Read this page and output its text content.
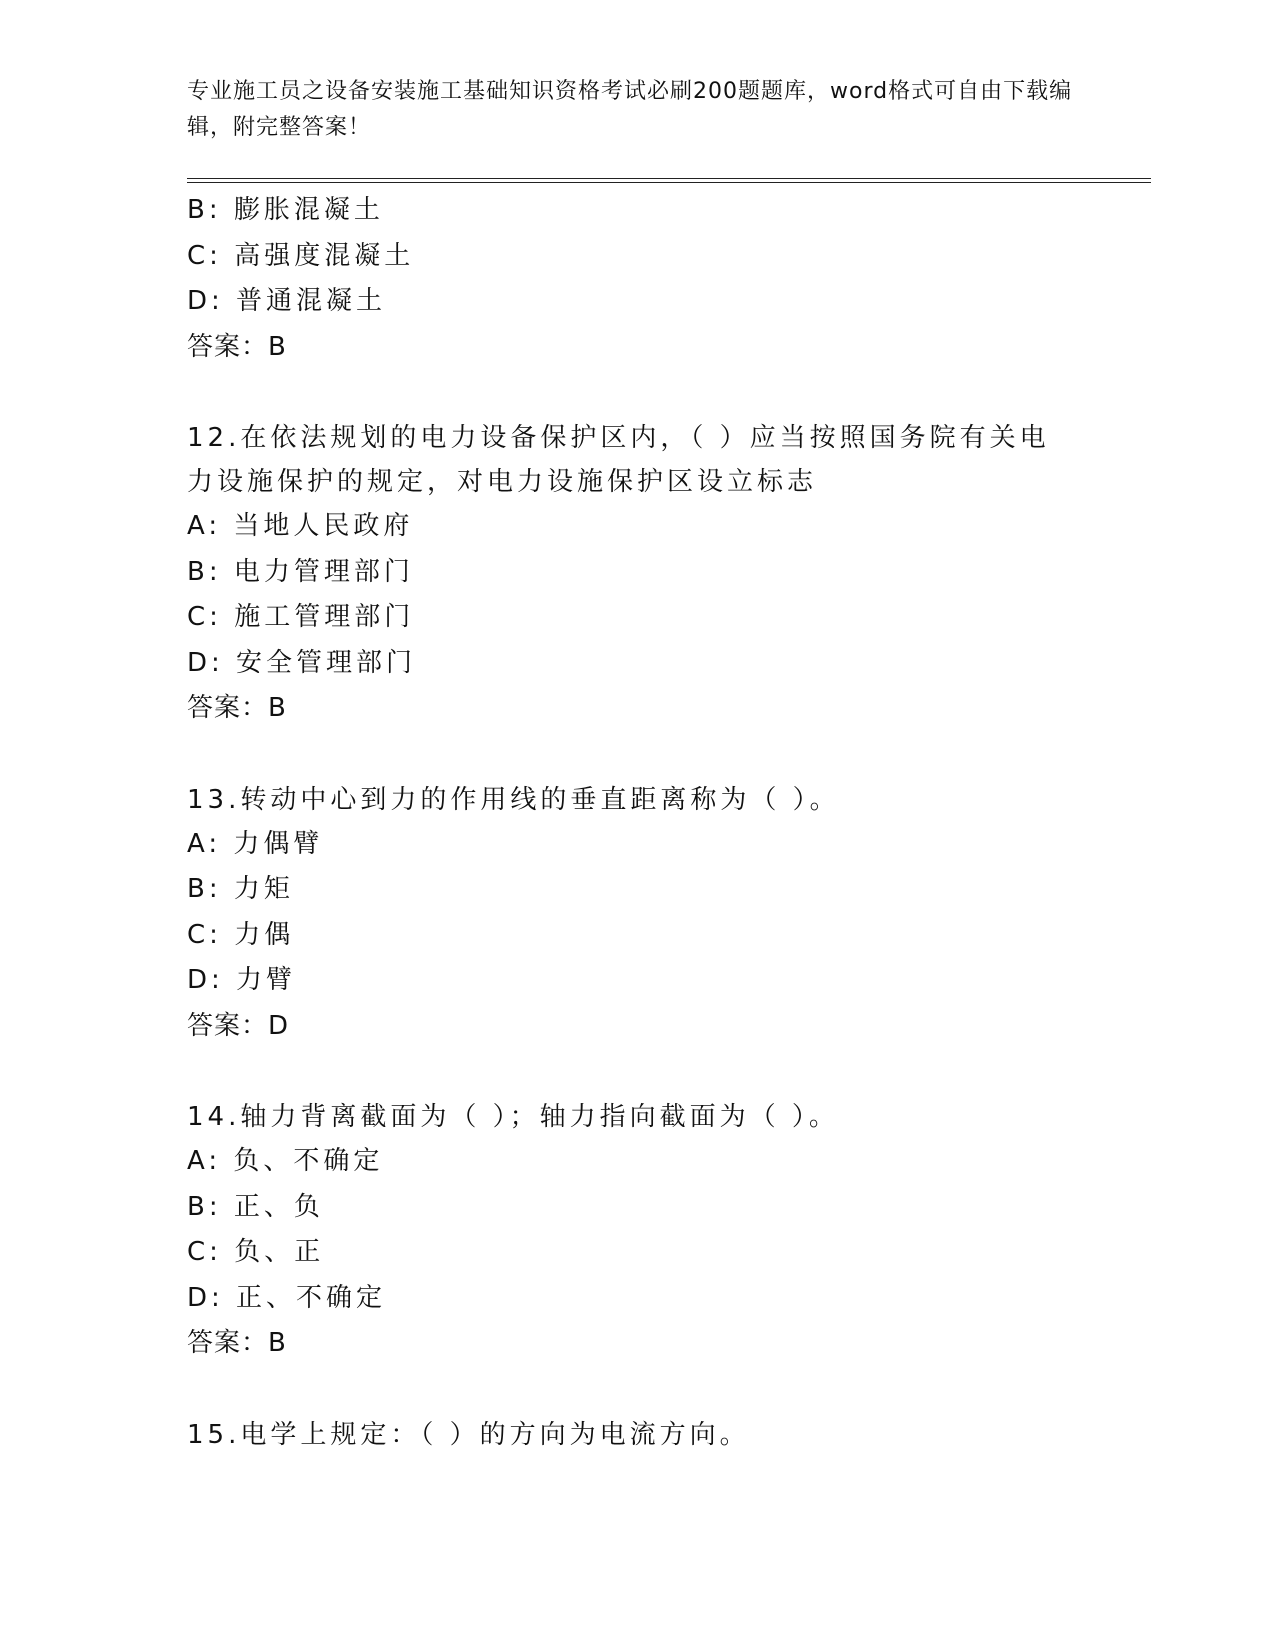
专业施工员之设备安装施工基础知识资格考试必刷200题题库，word格式可自由下载编辑，附完整答案！
B: 膨胀混凝土
C: 高强度混凝土
D: 普通混凝土
答案：B
12.在依法规划的电力设备保护区内，（ ）应当按照国务院有关电力设施保护的规定，对电力设施保护区设立标志
A: 当地人民政府
B: 电力管理部门
C: 施工管理部门
D: 安全管理部门
答案：B
13.转动中心到力的作用线的垂直距离称为（ ）。
A: 力偶臂
B: 力矩
C: 力偶
D: 力臂
答案：D
14.轴力背离截面为（ ）；轴力指向截面为（ ）。
A: 负、不确定
B: 正、负
C: 负、正
D: 正、不确定
答案：B
15.电学上规定：（ ）的方向为电流方向。
